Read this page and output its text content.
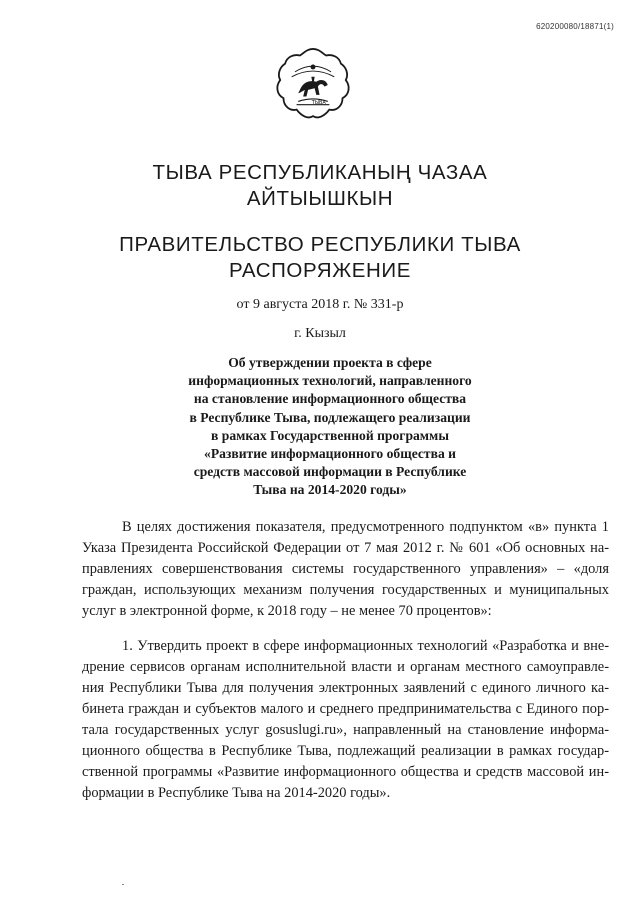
620200080/18871(1)
ТЫВА
ТЫВА РЕСПУБЛИКАНЫҢ ЧАЗАА
АЙТЫЫШКЫН
ПРАВИТЕЛЬСТВО РЕСПУБЛИКИ ТЫВА
РАСПОРЯЖЕНИЕ
от 9 августа 2018 г. № 331-р
г. Кызыл
Об утверждении проекта в сфере
информационных технологий, направленного
на становление информационного общества
в Республике Тыва, подлежащего реализации
в рамках Государственной программы
«Развитие информационного общества и
средств массовой информации в Республике
Тыва на 2014-2020 годы»
В целях достижения показателя, предусмотренного подпунктом «в» пункта 1
Указа Президента Российской Федерации от 7 мая 2012 г. № 601 «Об основных на-
правлениях совершенствования системы государственного управления» – «доля
граждан, использующих механизм получения государственных и муниципальных
услуг в электронной форме, к 2018 году – не менее 70 процентов»:
1. Утвердить проект в сфере информационных технологий «Разработка и вне-
дрение сервисов органам исполнительной власти и органам местного самоуправле-
ния Республики Тыва для получения электронных заявлений с единого личного ка-
бинета граждан и субъектов малого и среднего предпринимательства с Единого пор-
тала государственных услуг gosuslugi.ru», направленный на становление информа-
ционного общества в Республике Тыва, подлежащий реализации в рамках государ-
ственной программы «Развитие информационного общества и средств массовой ин-
формации в Республике Тыва на 2014-2020 годы».
